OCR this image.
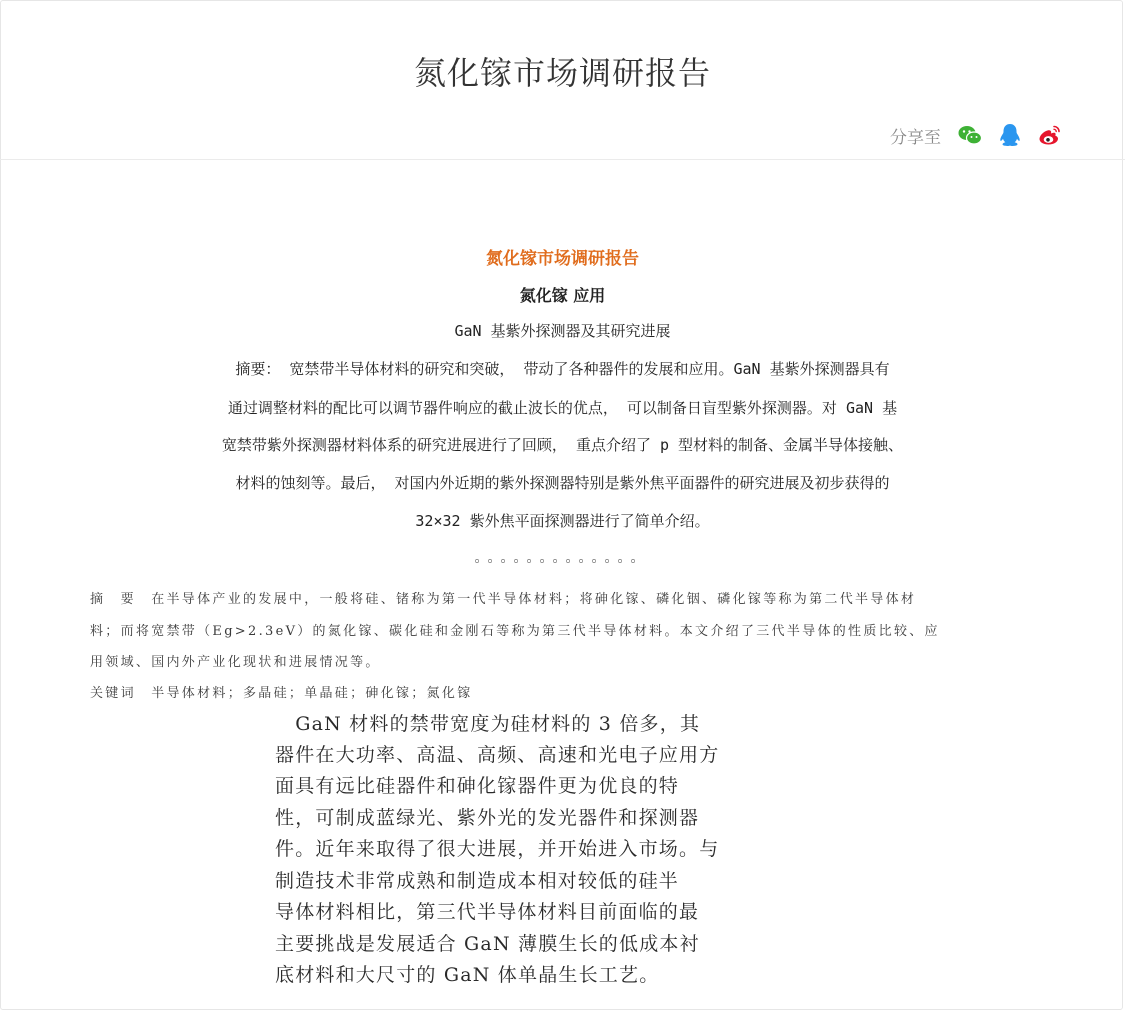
氮化镓市场调研报告
分享至
氮化镓市场调研报告
氮化镓 应用
GaN 基紫外探测器及其研究进展
摘要： 宽禁带半导体材料的研究和突破， 带动了各种器件的发展和应用。GaN 基紫外探测器具有
通过调整材料的配比可以调节器件响应的截止波长的优点， 可以制备日盲型紫外探测器。对 GaN 基
宽禁带紫外探测器材料体系的研究进展进行了回顾， 重点介绍了 p 型材料的制备、金属半导体接触、
材料的蚀刻等。最后， 对国内外近期的紫外探测器特别是紫外焦平面器件的研究进展及初步获得的
32×32 紫外焦平面探测器进行了简单介绍。
。。。。。。。。。。。。。
摘　要　在半导体产业的发展中，一般将硅、锗称为第一代半导体材料；将砷化镓、磷化铟、磷化镓等称为第二代半导体材
料；而将宽禁带（Eg>2.3eV）的氮化镓、碳化硅和金刚石等称为第三代半导体材料。本文介绍了三代半导体的性质比较、应
用领域、国内外产业化现状和进展情况等。
关键词　半导体材料；多晶硅；单晶硅；砷化镓；氮化镓
　GaN 材料的禁带宽度为硅材料的 3 倍多，其
器件在大功率、高温、高频、高速和光电子应用方
面具有远比硅器件和砷化镓器件更为优良的特
性，可制成蓝绿光、紫外光的发光器件和探测器
件。近年来取得了很大进展，并开始进入市场。与
制造技术非常成熟和制造成本相对较低的硅半
导体材料相比，第三代半导体材料目前面临的最
主要挑战是发展适合 GaN 薄膜生长的低成本衬
底材料和大尺寸的 GaN 体单晶生长工艺。
